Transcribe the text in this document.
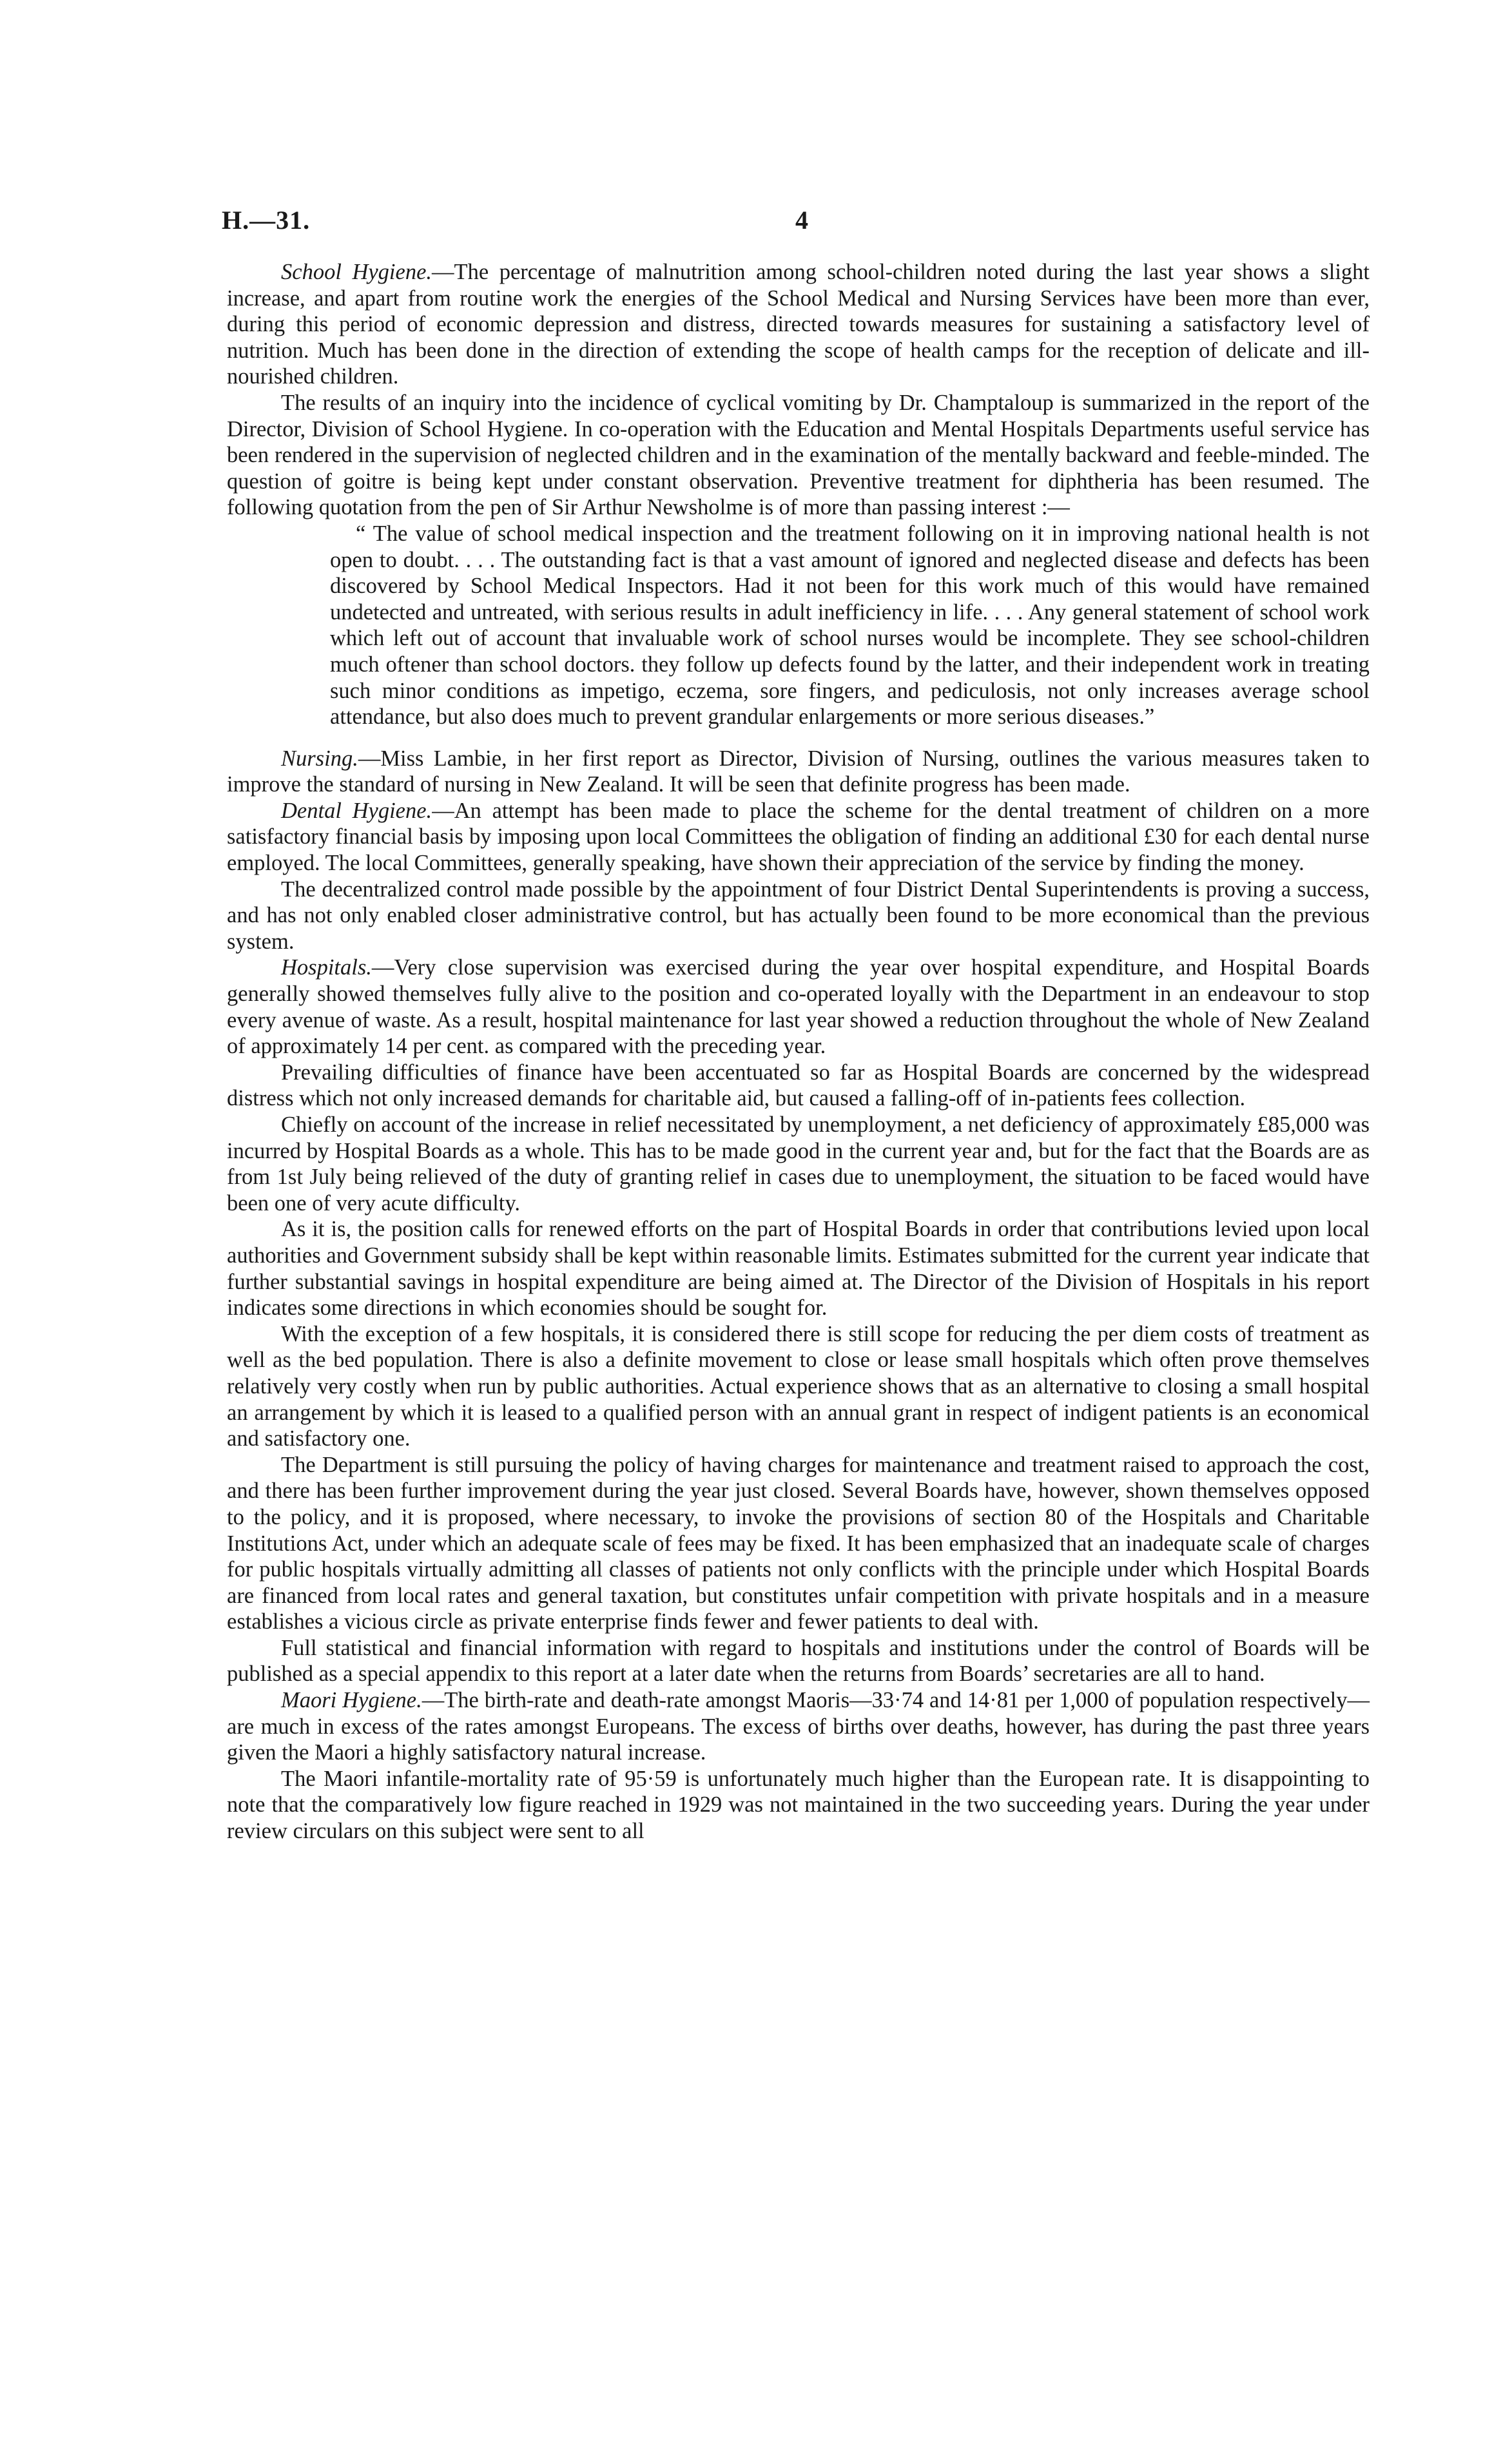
H.—31.	4

School Hygiene.—The percentage of malnutrition among school-children noted during the last year shows a slight increase, and apart from routine work the energies of the School Medical and Nursing Services have been more than ever, during this period of economic depression and distress, directed towards measures for sustaining a satisfactory level of nutrition. Much has been done in the direction of extending the scope of health camps for the reception of delicate and ill-nourished children.

The results of an inquiry into the incidence of cyclical vomiting by Dr. Champtaloup is summarized in the report of the Director, Division of School Hygiene. In co-operation with the Education and Mental Hospitals Departments useful service has been rendered in the supervision of neglected children and in the examination of the mentally backward and feeble-minded. The question of goitre is being kept under constant observation. Preventive treatment for diphtheria has been resumed. The following quotation from the pen of Sir Arthur Newsholme is of more than passing interest :—

“ The value of school medical inspection and the treatment following on it in improving national health is not open to doubt. . . . The outstanding fact is that a vast amount of ignored and neglected disease and defects has been discovered by School Medical Inspectors. Had it not been for this work much of this would have remained undetected and untreated, with serious results in adult inefficiency in life. . . . Any general statement of school work which left out of account that invaluable work of school nurses would be incomplete. They see school-children much oftener than school doctors. they follow up defects found by the latter, and their independent work in treating such minor conditions as impetigo, eczema, sore fingers, and pediculosis, not only increases average school attendance, but also does much to prevent grandular enlargements or more serious diseases.”

Nursing.—Miss Lambie, in her first report as Director, Division of Nursing, outlines the various measures taken to improve the standard of nursing in New Zealand. It will be seen that definite progress has been made.

Dental Hygiene.—An attempt has been made to place the scheme for the dental treatment of children on a more satisfactory financial basis by imposing upon local Committees the obligation of finding an additional £30 for each dental nurse employed. The local Committees, generally speaking, have shown their appreciation of the service by finding the money.

The decentralized control made possible by the appointment of four District Dental Superintendents is proving a success, and has not only enabled closer administrative control, but has actually been found to be more economical than the previous system.

Hospitals.—Very close supervision was exercised during the year over hospital expenditure, and Hospital Boards generally showed themselves fully alive to the position and co-operated loyally with the Department in an endeavour to stop every avenue of waste. As a result, hospital maintenance for last year showed a reduction throughout the whole of New Zealand of approximately 14 per cent. as compared with the preceding year.

Prevailing difficulties of finance have been accentuated so far as Hospital Boards are concerned by the widespread distress which not only increased demands for charitable aid, but caused a falling-off of in-patients fees collection.

Chiefly on account of the increase in relief necessitated by unemployment, a net deficiency of approximately £85,000 was incurred by Hospital Boards as a whole. This has to be made good in the current year and, but for the fact that the Boards are as from 1st July being relieved of the duty of granting relief in cases due to unemployment, the situation to be faced would have been one of very acute difficulty.

As it is, the position calls for renewed efforts on the part of Hospital Boards in order that contributions levied upon local authorities and Government subsidy shall be kept within reasonable limits. Estimates submitted for the current year indicate that further substantial savings in hospital expenditure are being aimed at. The Director of the Division of Hospitals in his report indicates some directions in which economies should be sought for.

With the exception of a few hospitals, it is considered there is still scope for reducing the per diem costs of treatment as well as the bed population. There is also a definite movement to close or lease small hospitals which often prove themselves relatively very costly when run by public authorities. Actual experience shows that as an alternative to closing a small hospital an arrangement by which it is leased to a qualified person with an annual grant in respect of indigent patients is an economical and satisfactory one.

The Department is still pursuing the policy of having charges for maintenance and treatment raised to approach the cost, and there has been further improvement during the year just closed. Several Boards have, however, shown themselves opposed to the policy, and it is proposed, where necessary, to invoke the provisions of section 80 of the Hospitals and Charitable Institutions Act, under which an adequate scale of fees may be fixed. It has been emphasized that an inadequate scale of charges for public hospitals virtually admitting all classes of patients not only conflicts with the principle under which Hospital Boards are financed from local rates and general taxation, but constitutes unfair competition with private hospitals and in a measure establishes a vicious circle as private enterprise finds fewer and fewer patients to deal with.

Full statistical and financial information with regard to hospitals and institutions under the control of Boards will be published as a special appendix to this report at a later date when the returns from Boards’ secretaries are all to hand.

Maori Hygiene.—The birth-rate and death-rate amongst Maoris—33·74 and 14·81 per 1,000 of population respectively—are much in excess of the rates amongst Europeans. The excess of births over deaths, however, has during the past three years given the Maori a highly satisfactory natural increase.

The Maori infantile-mortality rate of 95·59 is unfortunately much higher than the European rate. It is disappointing to note that the comparatively low figure reached in 1929 was not maintained in the two succeeding years. During the year under review circulars on this subject were sent to all
